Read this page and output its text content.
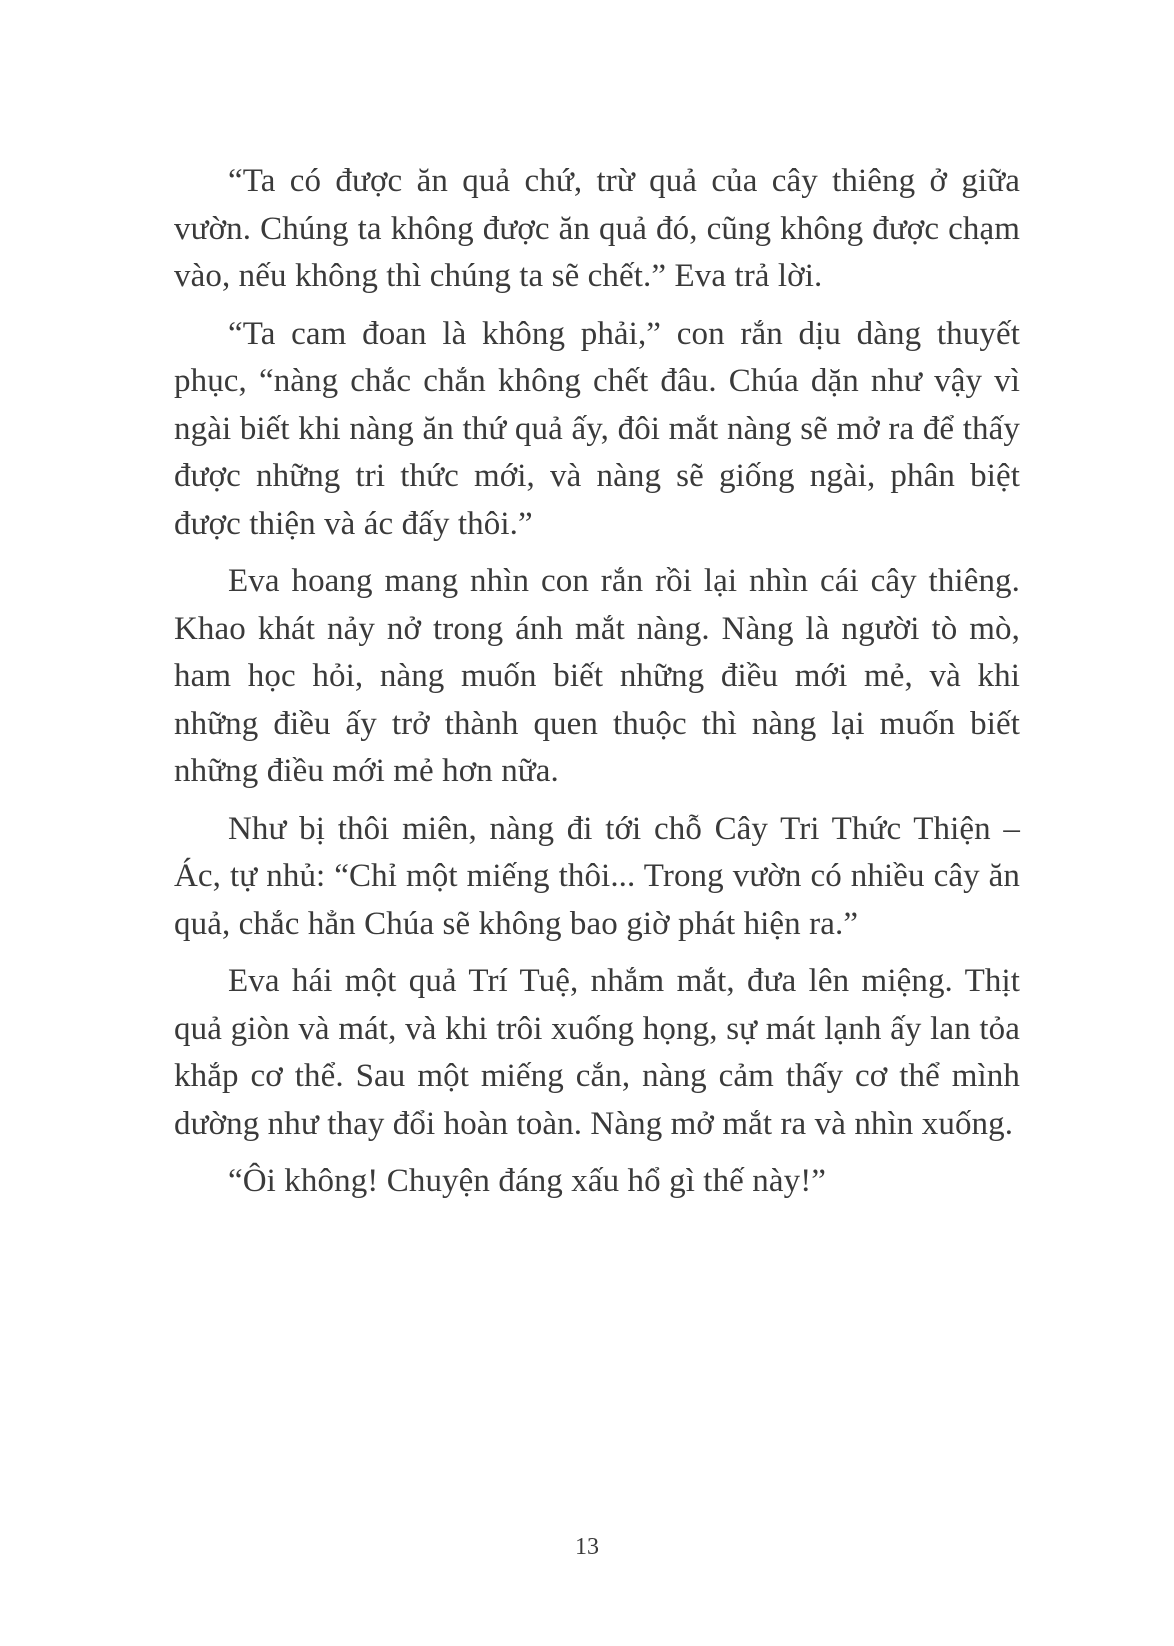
“Ta có được ăn quả chứ, trừ quả của cây thiêng ở giữa vườn. Chúng ta không được ăn quả đó, cũng không được chạm vào, nếu không thì chúng ta sẽ chết.” Eva trả lời.

“Ta cam đoan là không phải,” con rắn dịu dàng thuyết phục, “nàng chắc chắn không chết đâu. Chúa dặn như vậy vì ngài biết khi nàng ăn thứ quả ấy, đôi mắt nàng sẽ mở ra để thấy được những tri thức mới, và nàng sẽ giống ngài, phân biệt được thiện và ác đấy thôi.”

Eva hoang mang nhìn con rắn rồi lại nhìn cái cây thiêng. Khao khát nảy nở trong ánh mắt nàng. Nàng là người tò mò, ham học hỏi, nàng muốn biết những điều mới mẻ, và khi những điều ấy trở thành quen thuộc thì nàng lại muốn biết những điều mới mẻ hơn nữa.

Như bị thôi miên, nàng đi tới chỗ Cây Tri Thức Thiện – Ác, tự nhủ: “Chỉ một miếng thôi... Trong vườn có nhiều cây ăn quả, chắc hẳn Chúa sẽ không bao giờ phát hiện ra.”

Eva hái một quả Trí Tuệ, nhắm mắt, đưa lên miệng. Thịt quả giòn và mát, và khi trôi xuống họng, sự mát lạnh ấy lan tỏa khắp cơ thể. Sau một miếng cắn, nàng cảm thấy cơ thể mình dường như thay đổi hoàn toàn. Nàng mở mắt ra và nhìn xuống.

“Ôi không! Chuyện đáng xấu hổ gì thế này!”

13
